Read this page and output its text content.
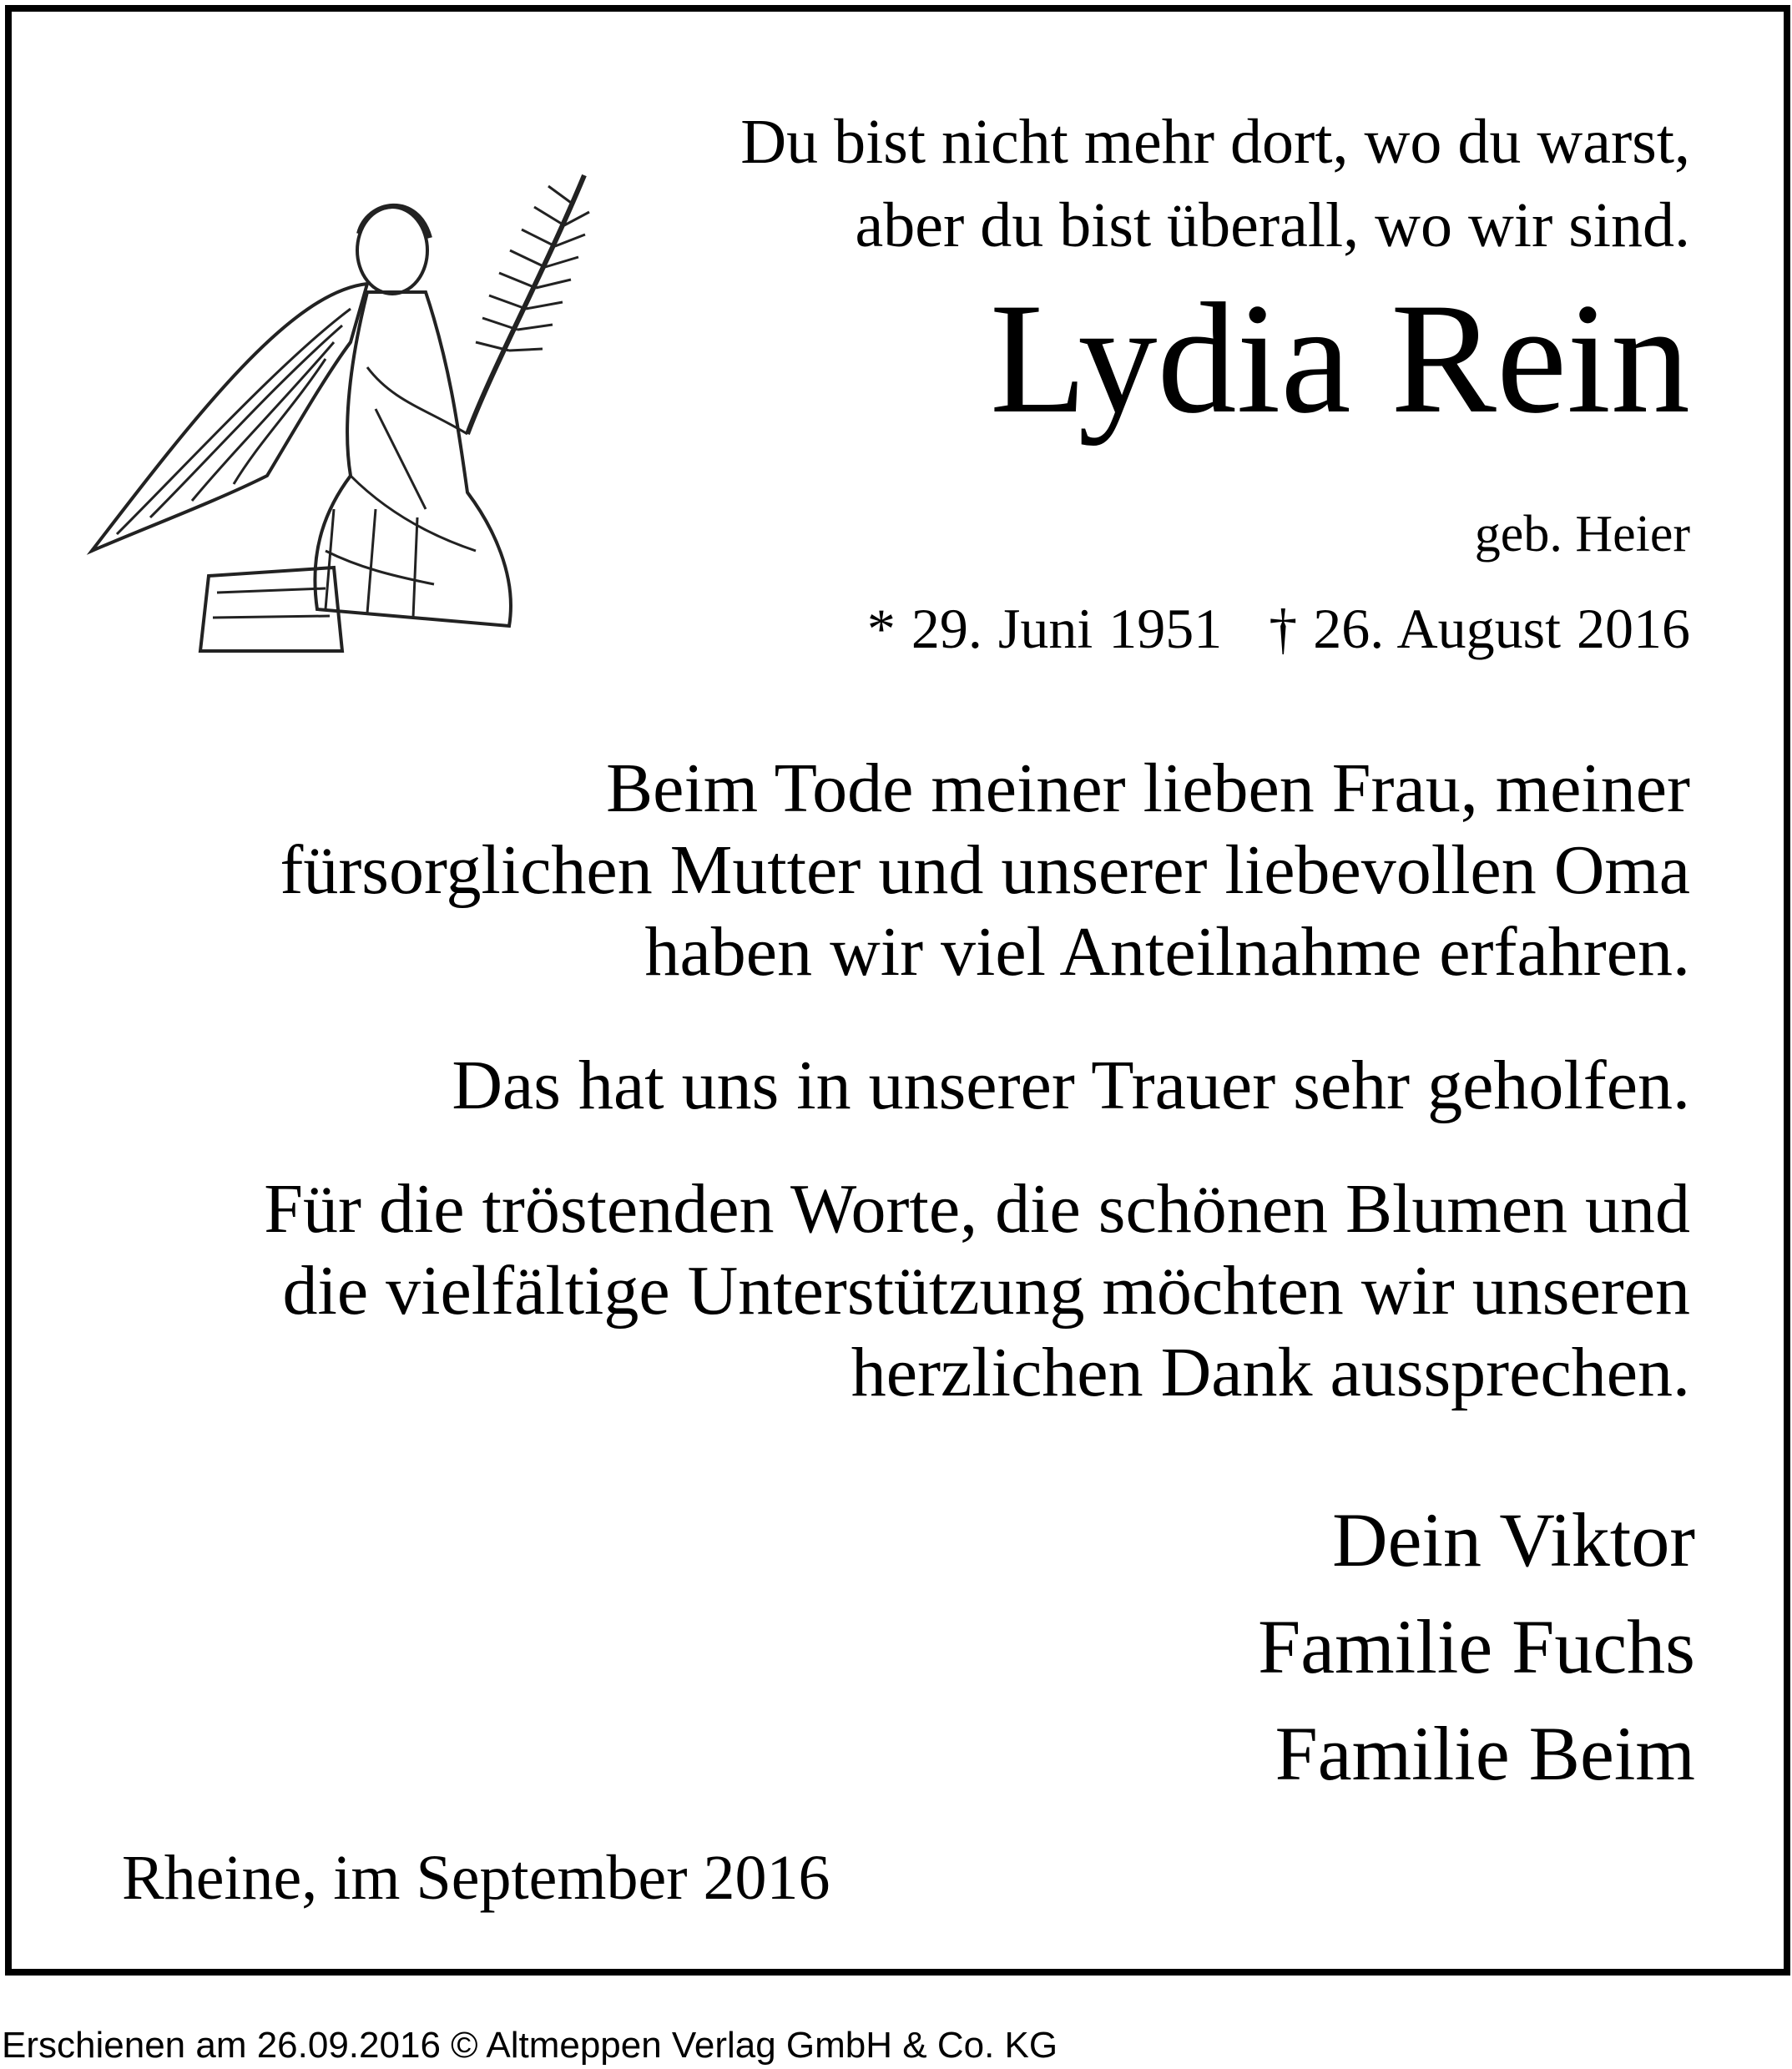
Du bist nicht mehr dort, wo du warst,
aber du bist überall, wo wir sind.
Lydia Rein
geb. Heier
* 29. Juni 1951 † 26. August 2016
Beim Tode meiner lieben Frau, meiner
fürsorglichen Mutter und unserer liebevollen Oma
haben wir viel Anteilnahme erfahren.
Das hat uns in unserer Trauer sehr geholfen.
Für die tröstenden Worte, die schönen Blumen und
die vielfältige Unterstützung möchten wir unseren
herzlichen Dank aussprechen.
Dein Viktor
Familie Fuchs
Familie Beim
Rheine, im September 2016
Erschienen am 26.09.2016 © Altmeppen Verlag GmbH & Co. KG
